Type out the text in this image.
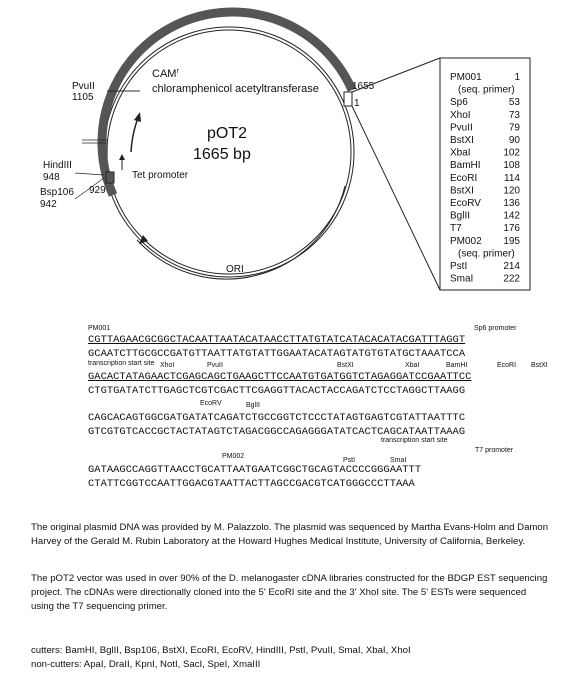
PvuII
1105
HindIII
948
Bsp106
942
929
CAM$^r$
chloramphenicol acetyltransferase
pOT2
1665 bp
Tet promoter
ORI
1655
1
PM001	1
(seq. primer)
Sp6	53
XhoI	73
PvuII	79
BstXI	90
XbaI	102
BamHI 108
EcoRI	114
BstXI	120
EcoRV 136
BglII	142
T7	176
PM002 195
(seq. primer)
PstI	214
SmaI	222
PM001	Sp6 promoter
CGTTAGAACGCGGCTACAATTAATACATAACCTTATGTATCATACACATACGATTTAGGT
GCAATCTTGCGCCGATGTTAATTATGTATTGGAATACATAGTATGTGTATGCTAAATCCA
transcription start site XhoI	PvuII	BstXI	XbaI	BamHI	EcoRI BstXI
GACACTATAGAACTCGAGCAGCTGAAGCTTCCAATGTGATGGTCTAGAGGATCCGAATTCC
CTGTGATATCTTGAGCTCGTCGACTTCGAGGTTACACTACCAGATCTCCTAGGCTTAAGG
EcoRV	BglII
CAGCACAGTGGCGATGATATCAGATCTGCCGGTCTCCCTATAGTGAGTCGTATTAATTTC
GTCGTGTCACCGCTACTATAGTCTAGACGGCCAGAGGGATATCACTCAGCATAATTAAAG
transcription start site
T7 promoter
PM002
PstI	SmaI
GATAAGCCAGGTTAACCTGCATTAATGAATCGGCTGCAGTACCCCGGGAATTT
CTATTCGGTCCAATTGGACGTAATTACTTAGCCGACGTCATGGGCCCTTAAA

The original plasmid DNA was provided by M. Palazzolo. The plasmid was sequenced by Martha Evans-Holm and Damon Harvey of the Gerald M. Rubin Laboratory at the Howard Hughes Medical Institute, University of California, Berkeley.

The pOT2 vector was used in over 90% of the D. melanogaster cDNA libraries constructed for the BDGP EST sequencing project. The cDNAs were directionally cloned into the 5' EcoRI site and the 3' XhoI site. The 5' ESTs were sequenced using the T7 sequencing primer.

cutters: BamHI, BglII, Bsp106, BstXI, EcoRI, EcoRV, HindIII, PstI, PvuII, SmaI, XbaI, XhoI

non-cutters: ApaI, DraII, KpnI, NotI, SacI, SpeI, XmaIII
